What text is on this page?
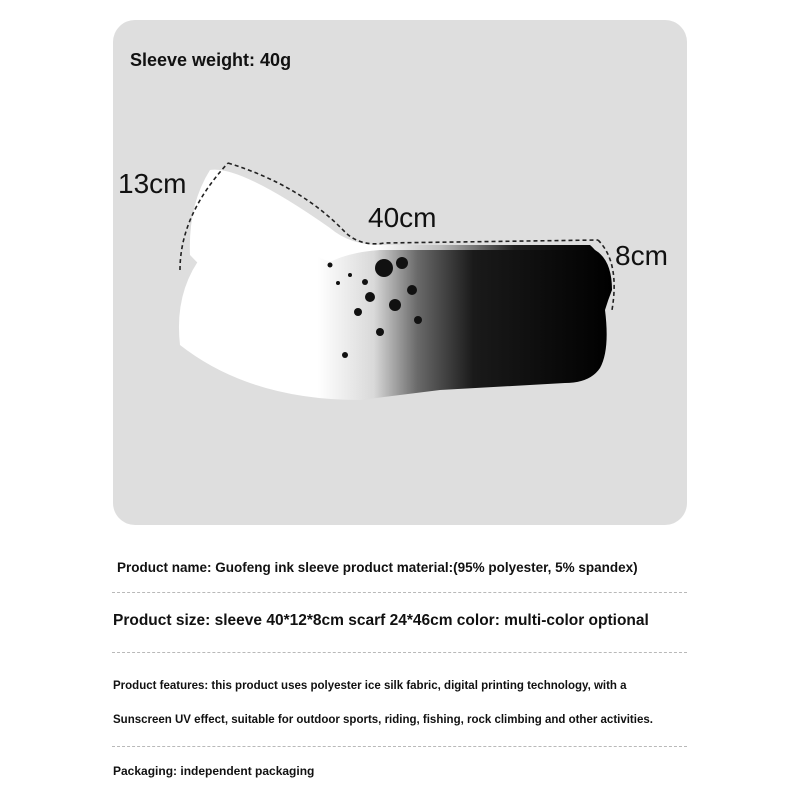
Sleeve weight: 40g
13cm
40cm
8cm
Product name: Guofeng ink sleeve product material:(95% polyester, 5% spandex)
Product size: sleeve 40*12*8cm scarf 24*46cm color: multi-color optional
Product features: this product uses polyester ice silk fabric, digital printing technology, with a
Sunscreen UV effect, suitable for outdoor sports, riding, fishing, rock climbing and other activities.
Packaging: independent packaging
